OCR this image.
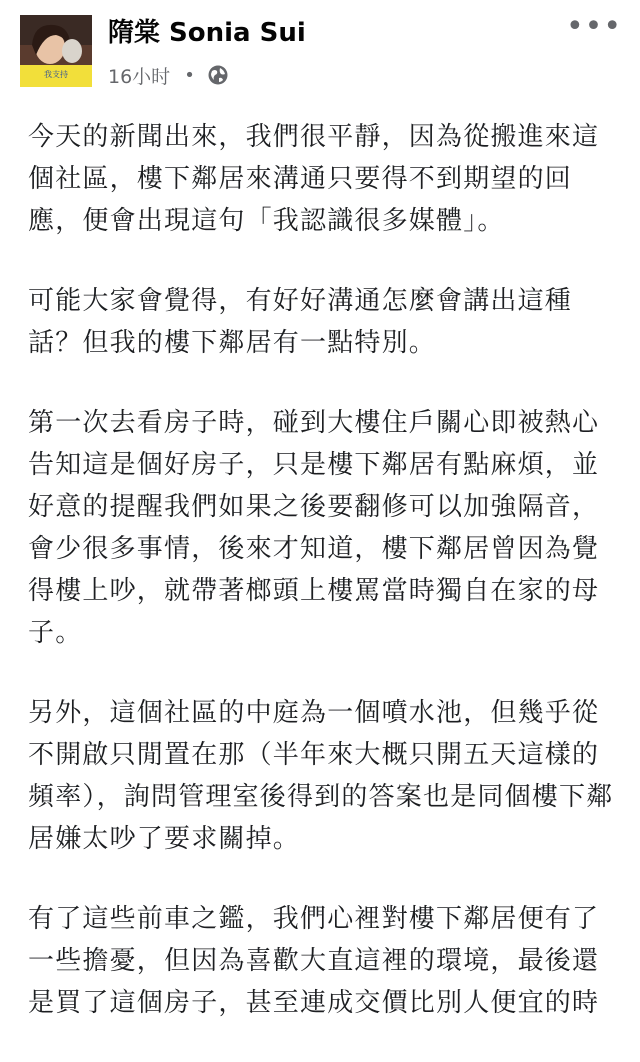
我支持
隋棠 Sonia Sui
16小时 •
•••

今天的新聞出來，我們很平靜，因為從搬進來這個社區，樓下鄰居來溝通只要得不到期望的回應，便會出現這句「我認識很多媒體」。

可能大家會覺得，有好好溝通怎麼會講出這種話？但我的樓下鄰居有一點特別。

第一次去看房子時，碰到大樓住戶關心即被熱心告知這是個好房子，只是樓下鄰居有點麻煩，並好意的提醒我們如果之後要翻修可以加強隔音，會少很多事情，後來才知道，樓下鄰居曾因為覺得樓上吵，就帶著榔頭上樓罵當時獨自在家的母子。

另外，這個社區的中庭為一個噴水池，但幾乎從不開啟只閒置在那（半年來大概只開五天這樣的頻率），詢問管理室後得到的答案也是同個樓下鄰居嫌太吵了要求關掉。

有了這些前車之鑑，我們心裡對樓下鄰居便有了一些擔憂，但因為喜歡大直這裡的環境，最後還是買了這個房子，甚至連成交價比別人便宜的時
